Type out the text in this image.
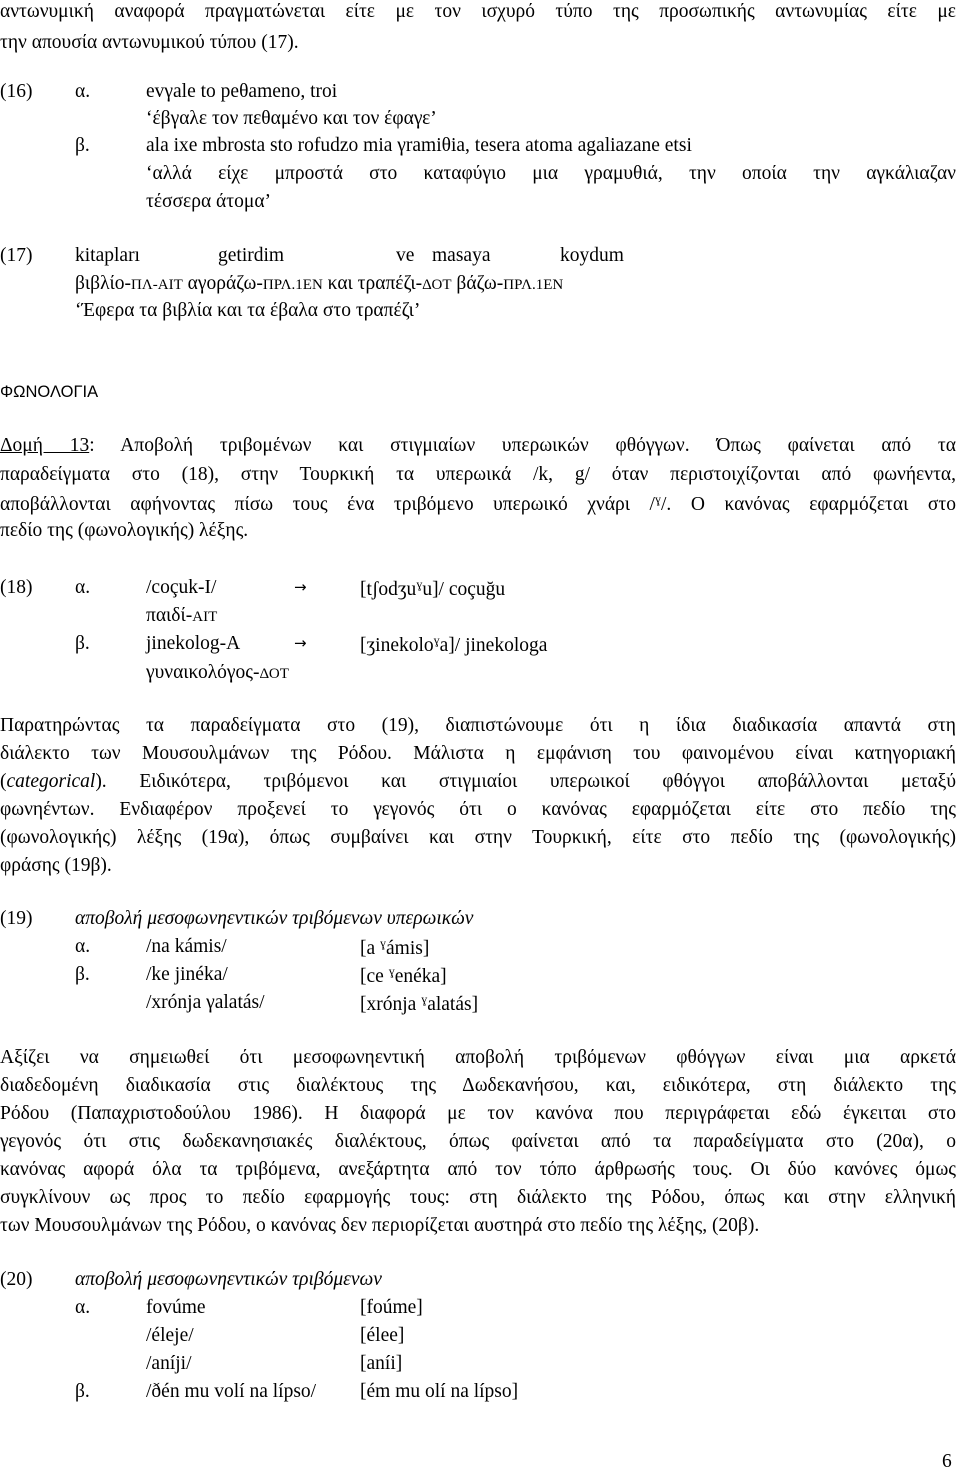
αντωνυμική αναφορά πραγματώνεται είτε με τον ισχυρό τύπο της προσωπικής αντωνυμίας είτε με
την απουσία αντωνυμικού τύπου (17).
(16) α.	evγale to peθameno, troi
‘έβγαλε τον πεθαμένο και τον έφαγε’
β.	ala ixe mbrosta sto rofudzo mia γramiθia, tesera atoma agaliazane etsi
‘αλλά είχε μπροστά στο καταφύγιο μια γραμυθιά, την οποία την αγκάλιαζαν
τέσσερα άτομα’
(17) kitapları	getirdim	ve masaya	koydum
βιβλίο-ΠΛ-ΑΙΤ αγοράζω-ΠΡΛ.1ΕΝ και τραπέζι-ΔΟΤ βάζω-ΠΡΛ.1ΕΝ
‘Έφερα τα βιβλία και τα έβαλα στο τραπέζι’
ΦΩΝΟΛΟΓΙΑ
Δομή 13: Αποβολή τριβομένων και στιγμιαίων υπερωικών φθόγγων. Όπως φαίνεται από τα
παραδείγματα στο (18), στην Τουρκική τα υπερωικά /k, g/ όταν περιστοιχίζονται από φωνήεντα,
αποβάλλονται αφήνοντας πίσω τους ένα τριβόμενο υπερωικό χνάρι /$^ɣ$/. Ο κανόνας εφαρμόζεται στο
πεδίο της (φωνολογικής) λέξης.
(18) α.	/coçuk-I/	→	[tʃodʒu$^ɣ$u]/ coçuğu
παιδί-ΑΙΤ
β.	jinekolog-A	→	[ʒinekolo$^ɣ$a]/ jinekologa
γυναικολόγος-ΔΟΤ
Παρατηρώντας τα παραδείγματα στο (19), διαπιστώνουμε ότι η ίδια διαδικασία απαντά στη
διάλεκτο των Μουσουλμάνων της Ρόδου. Μάλιστα η εμφάνιση του φαινομένου είναι κατηγοριακή
(categorical). Ειδικότερα, τριβόμενοι και στιγμιαίοι υπερωικοί φθόγγοι αποβάλλονται μεταξύ
φωνηέντων. Ενδιαφέρον προξενεί το γεγονός ότι ο κανόνας εφαρμόζεται είτε στο πεδίο της
(φωνολογικής) λέξης (19α), όπως συμβαίνει και στην Τουρκική, είτε στο πεδίο της (φωνολογικής)
φράσης (19β).
(19) αποβολή μεσοφωνηεντικών τριβόμενων υπερωικών
α.	/na kámis/	[a $^ɣ$ámis]
β.	/ke jinéka/	[ce $^ɣ$enéka]
/xrónja γalatás/	[xrónja $^ɣ$alatás]
Αξίζει να σημειωθεί ότι μεσοφωνηεντική αποβολή τριβόμενων φθόγγων είναι μια αρκετά
διαδεδομένη διαδικασία στις διαλέκτους της Δωδεκανήσου, και, ειδικότερα, στη διάλεκτο της
Ρόδου (Παπαχριστοδούλου 1986). Η διαφορά με τον κανόνα που περιγράφεται εδώ έγκειται στο
γεγονός ότι στις δωδεκανησιακές διαλέκτους, όπως φαίνεται από τα παραδείγματα στο (20α), ο
κανόνας αφορά όλα τα τριβόμενα, ανεξάρτητα από τον τόπο άρθρωσής τους. Οι δύο κανόνες όμως
συγκλίνουν ως προς το πεδίο εφαρμογής τους: στη διάλεκτο της Ρόδου, όπως και στην ελληνική
των Μουσουλμάνων της Ρόδου, ο κανόνας δεν περιορίζεται αυστηρά στο πεδίο της λέξης, (20β).
(20) αποβολή μεσοφωνηεντικών τριβόμενων
α.	fovúme	[foúme]
/éleje/	[élee]
/aníji/	[aníi]
β.	/ðén mu volí na lípso/ [ém mu olí na lípso]
6
